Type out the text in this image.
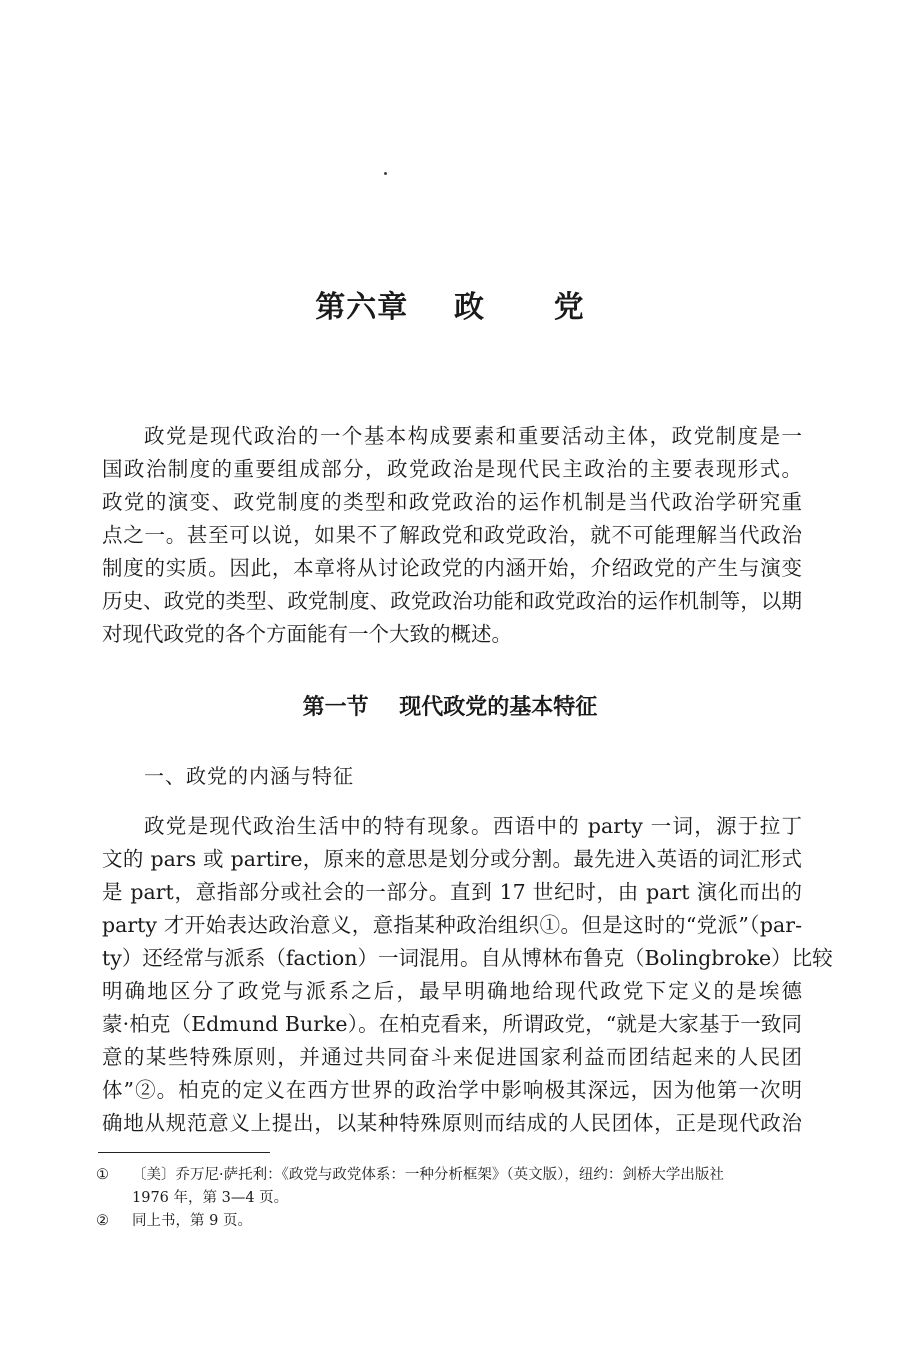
第六章    政      党
政党是现代政治的一个基本构成要素和重要活动主体，政党制度是一
国政治制度的重要组成部分，政党政治是现代民主政治的主要表现形式。
政党的演变、政党制度的类型和政党政治的运作机制是当代政治学研究重
点之一。甚至可以说，如果不了解政党和政党政治，就不可能理解当代政治
制度的实质。因此，本章将从讨论政党的内涵开始，介绍政党的产生与演变
历史、政党的类型、政党制度、政党政治功能和政党政治的运作机制等，以期
对现代政党的各个方面能有一个大致的概述。
第一节    现代政党的基本特征
一、政党的内涵与特征
政党是现代政治生活中的特有现象。西语中的 party 一词，源于拉丁
文的 pars 或 partire，原来的意思是划分或分割。最先进入英语的词汇形式
是 part，意指部分或社会的一部分。直到 17 世纪时，由 part 演化而出的
party 才开始表达政治意义，意指某种政治组织①。但是这时的“党派”（par-
ty）还经常与派系（faction）一词混用。自从博林布鲁克（Bolingbroke）比较
明确地区分了政党与派系之后，最早明确地给现代政党下定义的是埃德
蒙·柏克（Edmund Burke）。在柏克看来，所谓政党，“就是大家基于一致同
意的某些特殊原则，并通过共同奋斗来促进国家利益而团结起来的人民团
体”②。柏克的定义在西方世界的政治学中影响极其深远，因为他第一次明
确地从规范意义上提出，以某种特殊原则而结成的人民团体，正是现代政治
①	〔美〕乔万尼·萨托利：《政党与政党体系：一种分析框架》（英文版），纽约：剑桥大学出版社
1976 年，第 3—4 页。
②	同上书，第 9 页。
